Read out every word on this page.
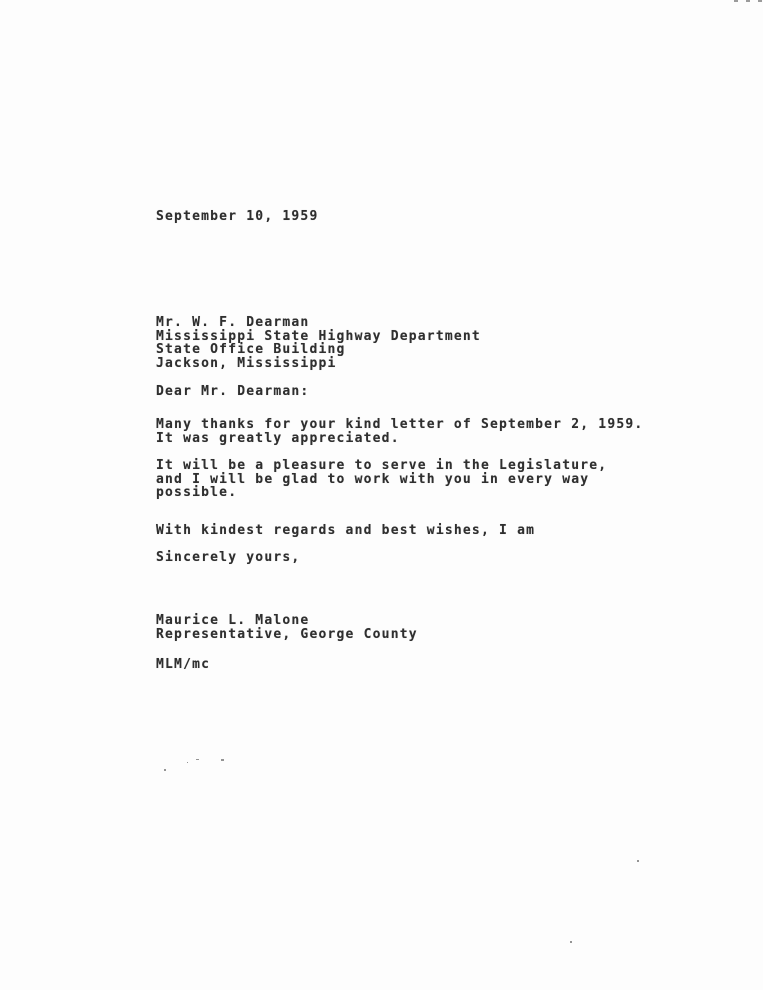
September 10, 1959
Mr. W. F. Dearman
Mississippi State Highway Department
State Office Building
Jackson, Mississippi
Dear Mr. Dearman:
Many thanks for your kind letter of September 2, 1959.
It was greatly appreciated.
It will be a pleasure to serve in the Legislature,
and I will be glad to work with you in every way
possible.
With kindest regards and best wishes, I am
Sincerely yours,
Maurice L. Malone
Representative, George County
MLM/mc
